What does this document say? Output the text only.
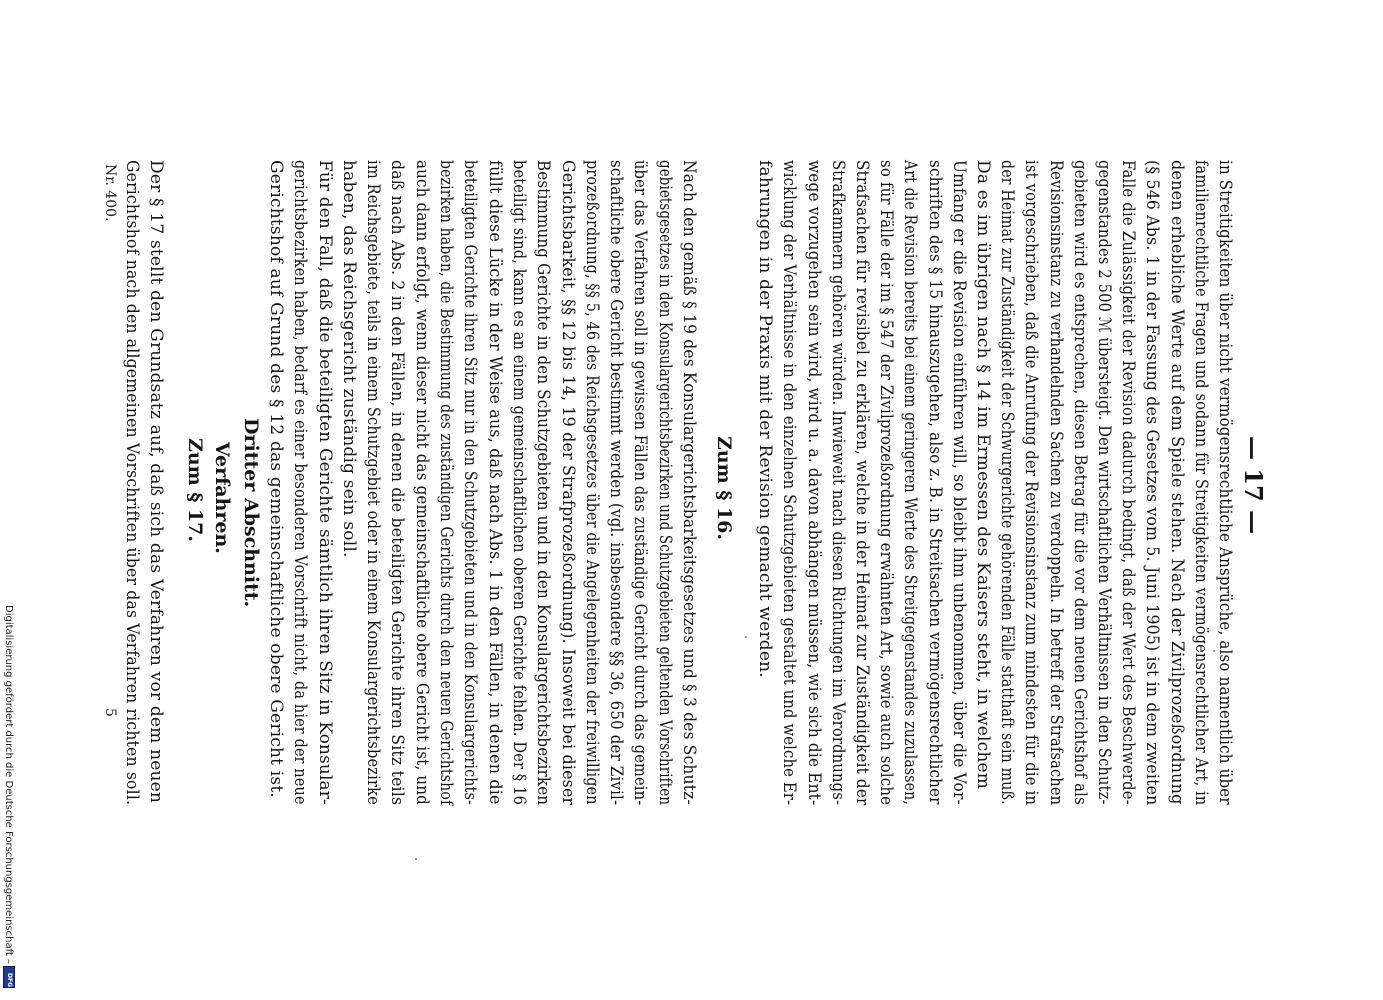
— 17 —
in Streitigkeiten über nicht vermögensrechtliche Ansprüche, also namentlich über
familienrechtliche Fragen und sodann für Streitigkeiten vermögensrechtlicher Art, in
denen erhebliche Werte auf dem Spiele stehen. Nach der Zivilprozeßordnung
(§ 546 Abs. 1 in der Fassung des Gesetzes vom 5. Juni 1905) ist in dem zweiten
Falle die Zulässigkeit der Revision dadurch bedingt, daß der Wert des Beschwerde-
gegenstandes 2 500 ℳ übersteigt. Den wirtschaftlichen Verhältnissen in den Schutz-
gebieten wird es entsprechen, diesen Betrag für die vor dem neuen Gerichtshof als
Revisionsinstanz zu verhandelnden Sachen zu verdoppeln. In betreff der Strafsachen
ist vorgeschrieben, daß die Anrufung der Revisionsinstanz zum mindesten für die in
der Heimat zur Zuständigkeit der Schwurgerichte gehörenden Fälle statthaft sein muß.
Da es im übrigen nach § 14 im Ermessen des Kaisers steht, in welchem
Umfang er die Revision einführen will, so bleibt ihm unbenommen, über die Vor-
schriften des § 15 hinauszugehen, also z. B. in Streitsachen vermögensrechtlicher
Art die Revision bereits bei einem geringeren Werte des Streitgegenstandes zuzulassen,
so für Fälle der im § 547 der Zivilprozeßordnung erwähnten Art, sowie auch solche
Strafsachen für revisibel zu erklären, welche in der Heimat zur Zuständigkeit der
Strafkammern gehören würden. Inwieweit nach diesen Richtungen im Verordnungs-
wege vorzugehen sein wird, wird u. a. davon abhängen müssen, wie sich die Ent-
wicklung der Verhältnisse in den einzelnen Schutzgebieten gestaltet und welche Er-
fahrungen in der Praxis mit der Revision gemacht werden.
Zum § 16.
Nach den gemäß § 19 des Konsulargerichtsbarkeitsgesetzes und § 3 des Schutz-
gebietsgesetzes in den Konsulargerichtsbezirken und Schutzgebieten geltenden Vorschriften
über das Verfahren soll in gewissen Fällen das zuständige Gericht durch das gemein-
schaftliche obere Gericht bestimmt werden (vgl. insbesondere §§ 36, 650 der Zivil-
prozeßordnung, §§ 5, 46 des Reichsgesetzes über die Angelegenheiten der freiwilligen
Gerichtsbarkeit, §§ 12 bis 14, 19 der Strafprozeßordnung). Insoweit bei dieser
Bestimmung Gerichte in den Schutzgebieten und in den Konsulargerichtsbezirken
beteiligt sind, kann es an einem gemeinschaftlichen oberen Gerichte fehlen. Der § 16
füllt diese Lücke in der Weise aus, daß nach Abs. 1 in den Fällen, in denen die
beteiligten Gerichte ihren Sitz nur in den Schutzgebieten und in den Konsulargerichts-
bezirken haben, die Bestimmung des zuständigen Gerichts durch den neuen Gerichtshof
auch dann erfolgt, wenn dieser nicht das gemeinschaftliche obere Gericht ist, und
daß nach Abs. 2 in den Fällen, in denen die beteiligten Gerichte ihren Sitz teils
im Reichsgebiete, teils in einem Schutzgebiet oder in einem Konsulargerichtsbezirke
haben, das Reichsgericht zuständig sein soll.
Für den Fall, daß die beteiligten Gerichte sämtlich ihren Sitz in Konsular-
gerichtsbezirken haben, bedarf es einer besonderen Vorschrift nicht, da hier der neue
Gerichtshof auf Grund des § 12 das gemeinschaftliche obere Gericht ist.
Dritter Abschnitt.
Verfahren.
Zum § 17.
Der § 17 stellt den Grundsatz auf, daß sich das Verfahren vor dem neuen
Gerichtshof nach den allgemeinen Vorschriften über das Verfahren richten soll.
5
Nr. 400.
Digitalisierung gefördert durch die Deutsche Forschungsgemeinschaft –
DFG
